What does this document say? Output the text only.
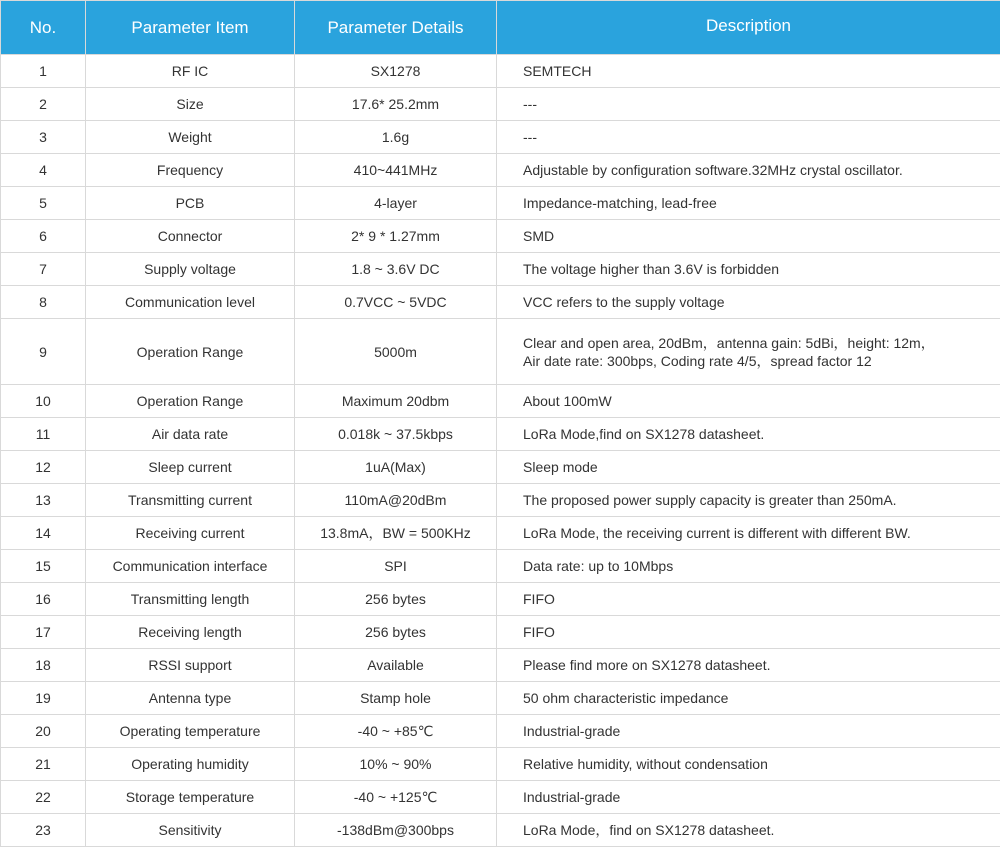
No.	Parameter Item	Parameter Details	Description
1	RF IC	SX1278	SEMTECH

2	Size	17.6* 25.2mm	---

3	Weight	1.6g	---

4	Frequency	410~441MHz	Adjustable by configuration software.32MHz crystal oscillator.

5	PCB	4-layer	Impedance-matching, lead-free

6	Connector	2* 9 * 1.27mm	SMD

7	Supply voltage	1.8 ~ 3.6V DC	The voltage higher than 3.6V is forbidden

8	Communication level	0.7VCC ~ 5VDC	VCC refers to the supply voltage

9	Operation Range	5000m	Clear and open area, 20dBm，antenna gain: 5dBi，height: 12m，
Air date rate: 300bps, Coding rate 4/5，spread factor 12

10	Operation Range	Maximum 20dbm	About 100mW

11	Air data rate	0.018k ~ 37.5kbps	LoRa Mode,find on SX1278 datasheet.

12	Sleep current	1uA(Max)	Sleep mode

13	Transmitting current	110mA@20dBm	The proposed power supply capacity is greater than 250mA.

14	Receiving current	13.8mA，BW = 500KHz	LoRa Mode, the receiving current is different with different BW.

15	Communication interface	SPI	Data rate: up to 10Mbps

16	Transmitting length	256 bytes	FIFO

17	Receiving length	256 bytes	FIFO

18	RSSI support	Available	Please find more on SX1278 datasheet.

19	Antenna type	Stamp hole	50 ohm characteristic impedance

20	Operating temperature	-40 ~ +85℃	Industrial-grade

21	Operating humidity	10% ~ 90%	Relative humidity, without condensation

22	Storage temperature	-40 ~ +125℃	Industrial-grade

23	Sensitivity	-138dBm@300bps	LoRa Mode，find on SX1278 datasheet.
